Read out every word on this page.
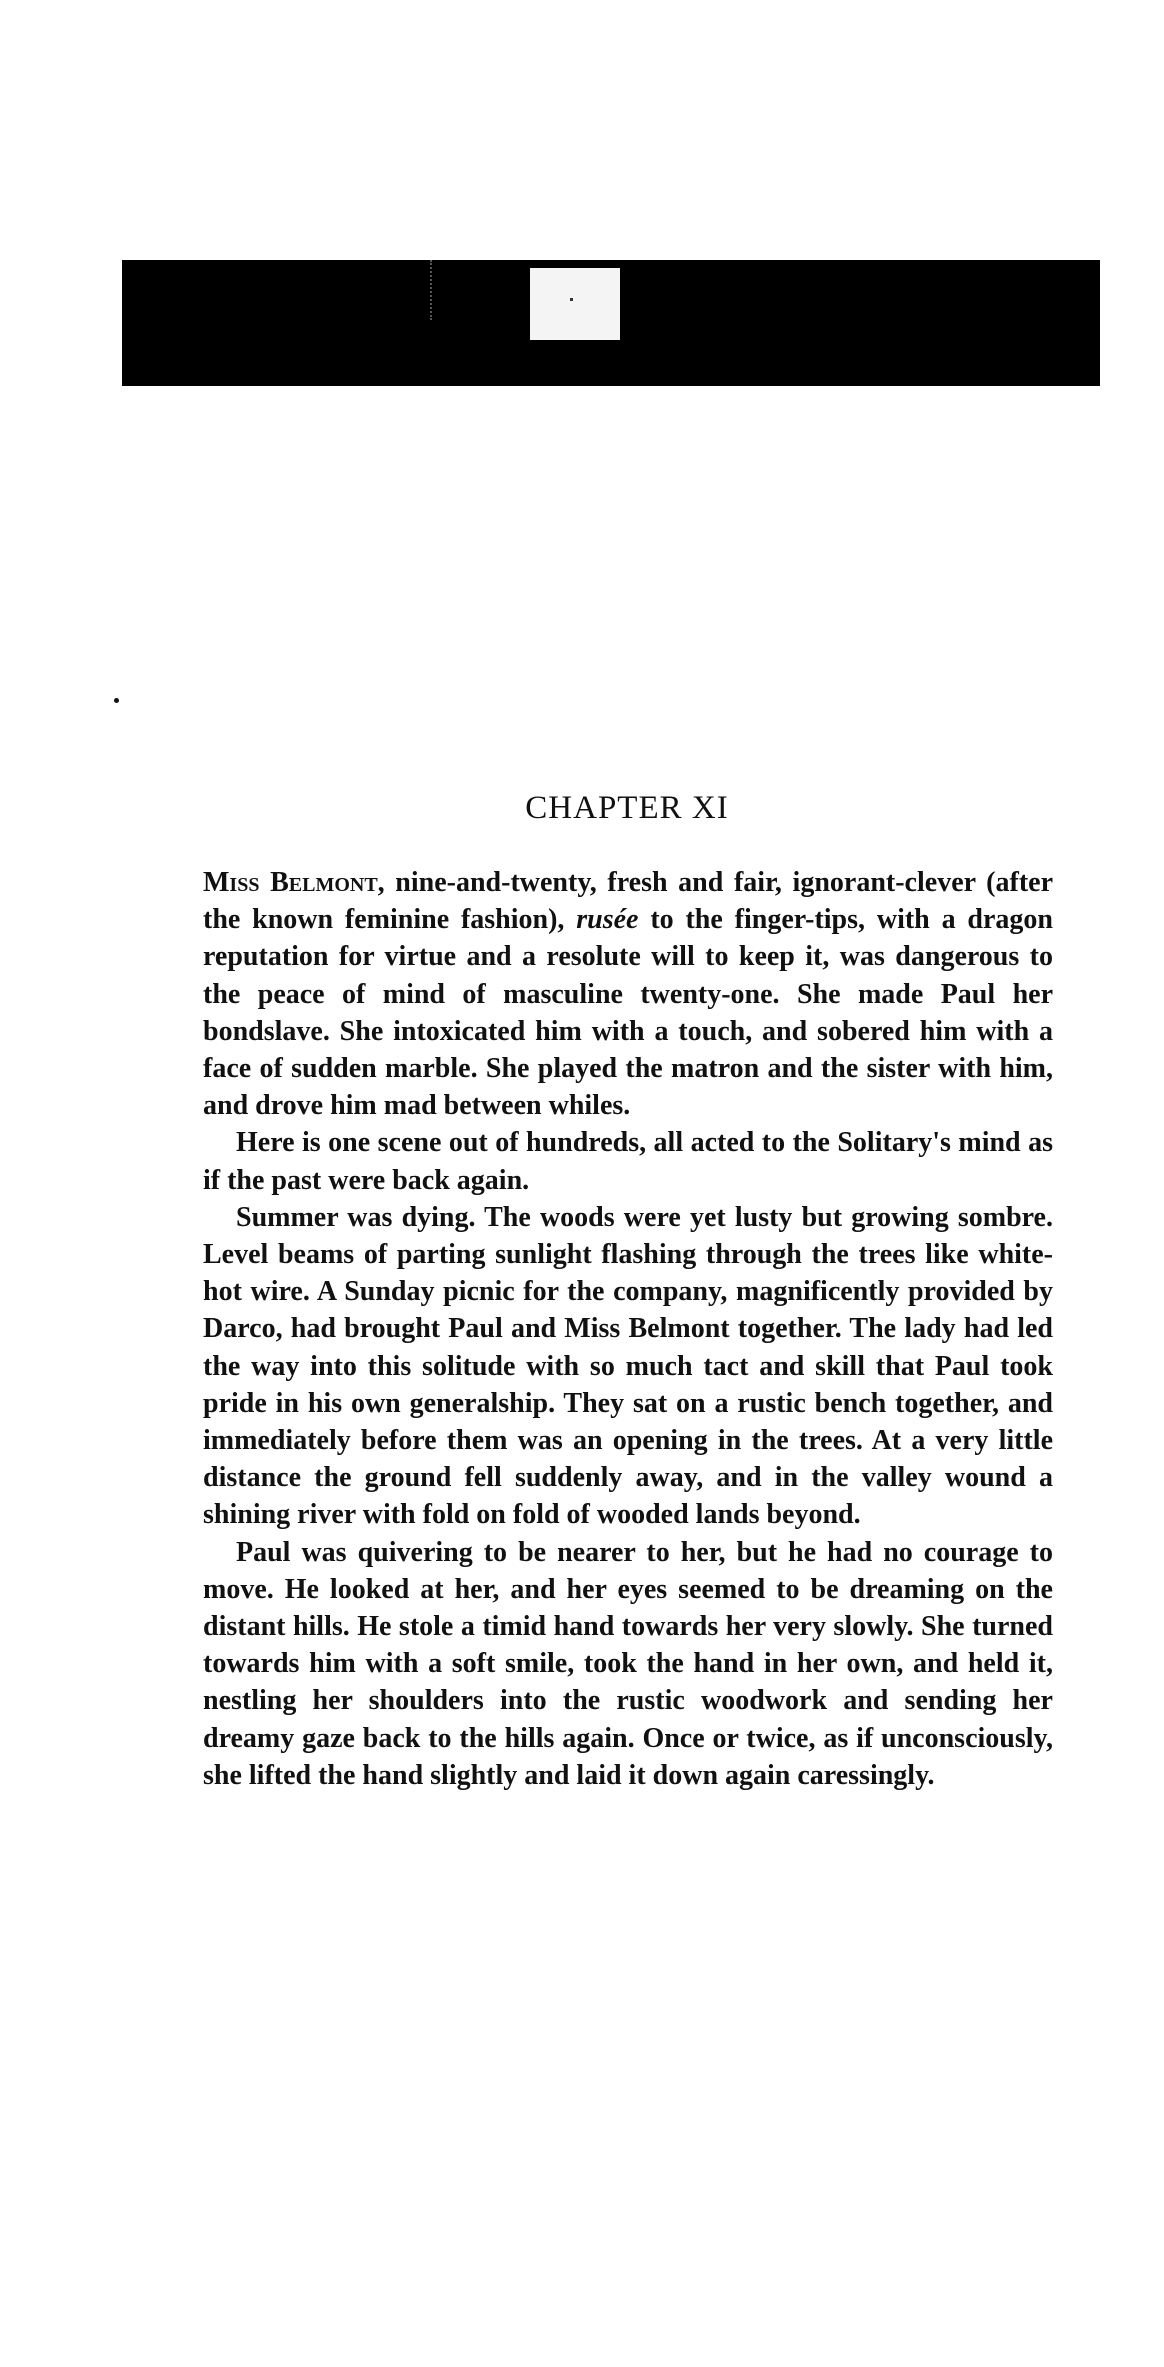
CHAPTER XI

Miss Belmont, nine-and-twenty, fresh and fair, ignorant-clever (after the known feminine fashion), rusée to the finger-tips, with a dragon reputation for virtue and a resolute will to keep it, was dangerous to the peace of mind of masculine twenty-one. She made Paul her bondslave. She intoxicated him with a touch, and sobered him with a face of sudden marble. She played the matron and the sister with him, and drove him mad between whiles.

Here is one scene out of hundreds, all acted to the Solitary's mind as if the past were back again.

Summer was dying. The woods were yet lusty but growing sombre. Level beams of parting sunlight flashing through the trees like white-hot wire. A Sunday picnic for the company, magnificently provided by Darco, had brought Paul and Miss Belmont together. The lady had led the way into this solitude with so much tact and skill that Paul took pride in his own generalship. They sat on a rustic bench together, and immediately before them was an opening in the trees. At a very little distance the ground fell suddenly away, and in the valley wound a shining river with fold on fold of wooded lands beyond.

Paul was quivering to be nearer to her, but he had no courage to move. He looked at her, and her eyes seemed to be dreaming on the distant hills. He stole a timid hand towards her very slowly. She turned towards him with a soft smile, took the hand in her own, and held it, nestling her shoulders into the rustic woodwork and sending her dreamy gaze back to the hills again. Once or twice, as if unconsciously, she lifted the hand slightly and laid it down again caressingly.
